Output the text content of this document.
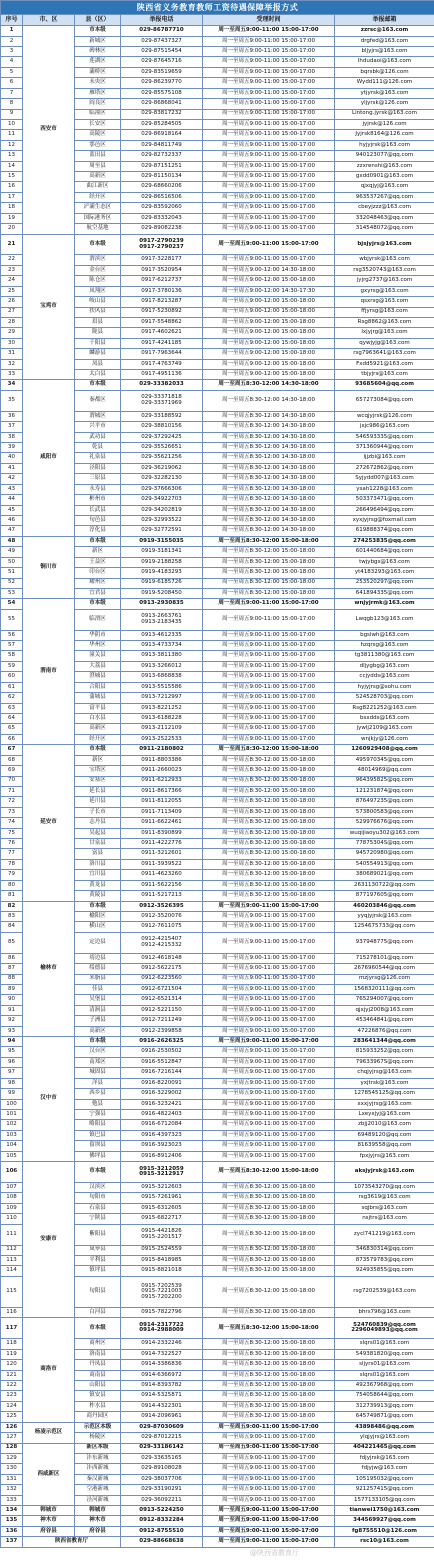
陕西省义务教育教师工资待遇保障举报方式					
序号	市、区	县（区）	举报电话	受理时间	举报邮箱
1	西安市	市本级	029-86787710	周一至周五9:00-11:00 15:00-17:00	zzrsc@163.com
2		新城区	029-87437327	周一至周五9:00-11:00 15:00-17:00	drgfed@163.com
3		碑林区	029-87515454	周一至周五9:00-11:00 15:00-17:00	bljyjrs@163.com
4		莲湖区	029-87645716	周一至周五9:00-11:00 15:00-17:00	lhdudaoi@163.com
5		灞桥区	029-83519659	周一至周五9:00-11:00 15:00-17:00	bqrsbk@126.com
6		未央区	029-86239770	周一至周五9:00-11:00 15:00-17:00	Wydd111@126.com
7		雁塔区	029-85575108	周一至周五9:00-11:00 15:00-17:00	ytjyrsk@163.com
8		阎良区	029-86868041	周一至周五9:00-11:00 15:00-17:00	yljyrsk@126.com
9		临潼区	029-83817232	周一至周五9:00-11:00 15:00-17:00	Lintong.jyrsk@163.com
10		长安区	029-85284505	周一至周五9:00-11:00 15:00-17:00	jyjrsk@126.com
11		高陵区	029-86918164	周一至周五9:00-11:00 15:00-17:00	Jyjrsk8164@126.com
12		鄠邑区	029-84811749	周一至周五9:00-11:00 15:00-17:00	hyjyjrsk@163.com
13		蓝田县	029-82732337	周一至周五9:00-11:00 15:00-17:00	940123077@qq.com
14		周至县	029-87151251	周一至周五9:00-11:00 15:00-17:00	zzxrenshi@163.com
15		高新区	029-81150134	周一至周五9:00-11:00 15:00-17:00	gxdd0901@163.com
16		曲江新区	029-68660206	周一至周五9:00-11:00 15:00-17:00	qjxqjyj@163.com
17		经开区	029-86516506	周一至周五9:00-11:00 15:00-17:00	963537267@qq.com
18		浐灞生态区	029-83592060	周一至周五9:00-11:00 15:00-17:00	cbeyjzzz@163.com
19		国际港务区	029-83332043	周一至周五9:00-11:00 15:00-17:00	332048463@qq.com
20		航空基地	029-89082238	周一至周五9:00-11:00 15:00-17:00	314548072@qq.com
21	宝鸡市	市本级	0917-2790239
0917-2790237	周一至周五9:00-11:00 15:00-17:00	bjsjyjrs@163.com
22		渭滨区	0917-3228177	周一至周五9:00-11:00 15:00-17:00	wbjyrsk@163.com
23		金台区	0917-3520954	周一至周五9:00-12:00 14:30-18:00	rsg3520743@163.com
24		陈仓区	0917-6212737	周一至周五9:00-12:00 15:00-18:00	jyjrg2737@163.com
25		凤翔区	0917-3780136	周一至周五9:00-12:00 14:30-17:30	gxyrsg@163.com
26		岐山县	0917-8213287	周一至周五9:00-12:00 15:00-18:00	qsxrsg@163.com
27		扶风县	0917-5230892	周一至周五9:00-12:00 15:00-18:00	ffjyrsg@163.com
28		眉县	0917-5548862	周一至周五9:00-12:00 15:00-18:00	Rsg8862@163.com
29		陇县	0917-4602621	周一至周五9:00-12:00 15:00-18:00	lxjyjrg@163.com
30		千阳县	0917-4241185	周一至周五9:00-12:00 15:00-18:00	qywjyjg@163.com
31		麟游县	0917-7963644	周一至周五9:00-12:00 15:00-18:00	rsg7963641@163.com
32		凤县	0917-4763749	周一至周五9:00-12:00 15:00-18:00	Fxdd5921@163.com
33		太白县	0917-4951136	周一至周五9:00-12:00 15:00-18:00	tbjyjrs@163.com
34	咸阳市	市本级	029-33382033	周一至周五8:30-12:00 14:30-18:00	93685604@qq.com
35		秦都区	029-33371818
029-33371969	周一至周五8:30-12:00 14:30-18:00	657273084@qq.com
36		渭城区	029-33188592	周一至周五8:30-12:00 14:30-18:00	wcqjyjrsk@126.com
37		兴平市	029-38810156	周一至周五8:30-12:00 14:30-18:00	jxjc986@163.com
38		武功县	029-37292425	周一至周五8:30-12:00 14:30-18:00	546593335@qq.com
39		乾县	029-35526651	周一至周五8:30-12:00 14:30-18:00	371360944@qq.com
40		礼泉县	029-35621256	周一至周五8:30-12:00 14:30-18:00	ljjzbi@163.com
41		泾阳县	029-36219062	周一至周五8:30-12:00 14:30-18:00	272672862@qq.com
42		三原县	029-32282130	周一至周五8:30-12:00 14:30-18:00	Syjydd007@163.com
43		永寿县	029-37666306	周一至周五8:30-12:00 14:30-18:00	ysah1228@163.com
44		彬州市	029-34922703	周一至周五8:30-12:00 14:30-18:00	503373471@qq.com
45		长武县	029-34202819	周一至周五8:30-12:00 14:30-18:00	266496494@qq.com
46		旬邑县	029-32993522	周一至周五8:30-12:00 14:30-18:00	xyxjyjrsg@foxmail.com
47		淳化县	029-32772591	周一至周五8:30-12:00 14:30-18:00	619888374@qq.com
48	铜川市	市本级	0919-3155035	周一至周五8:30-12:00 15:00-18:00	274253835@qq.com
49		新区	0919-3181341	周一至周五8:30-12:00 15:00-18:00	601440684@qq.com
50		王益区	0919-2188258	周一至周五8:30-12:00 15:00-18:00	twjybgs@163.com
51		印台区	0919-4183293	周一至周五8:30-12:00 15:00-18:00	yt4183293@163.com
52		耀州区	0919-6185726	周一至周五8:30-12:00 15:00-18:00	253520297@qq.com
53		宜君县	0919-5208450	周一至周五8:30-12:00 15:00-18:00	641894335@qq.com
54	渭南市	市本级	0913-2930835	周一至周五9:00-11:00 15:00-17:00	wnjyjrmk@163.com
55		临渭区	0913-2663761
0913-2183435	周一至周五9:00-11:00 15:00-17:00	Lwqgb123@163.com
56		华阴市	0913-4612335	周一至周五9:00-11:00 15:00-17:00	bgslwh@163.com
57		华州区	0913-4733734	周一至周五9:00-11:00 15:00-17:00	hzqrsg@163.com
58		潼关县	0913-3811380	周一至周五9:00-11:00 15:00-17:00	tg3811380@163.com
59		大荔县	0913-3266012	周一至周五9:00-11:00 15:00-17:00	dljygbg@163.com
60		澄城县	0913-6868838	周一至周五9:00-11:00 15:00-17:00	ccjydds@163.com
61		合阳县	0913-5515586	周一至周五9:00-11:00 15:00-17:00	hyjyjrsg@sohu.com
62		蒲城县	0913-7212997	周一至周五9:00-11:00 15:00-17:00	524528703@qq.com
63		富平县	0913-8221252	周一至周五9:00-11:00 15:00-17:00	Rsg8221252@163.com
64		白水县	0913-6188228	周一至周五9:00-11:00 15:00-17:00	bsxdds@163.com
65		高新区	0913-2112109	周一至周五9:00-11:00 15:00-17:00	jywlj2109@163.com
66		经开区	0913-2522533	周一至周五9:00-11:00 15:00-17:00	wnjkjy@126.com
67	延安市	市本级	0911-2180802	周一至周五8:30-12:00 15:00-18:00	1260929408@qq.com
68		新区	0911-8803386	周一至周五8:30-12:00 15:00-18:00	495970345@qq.com
69		宝塔区	0911-2660023	周一至周五8:30-12:00 15:00-18:00	48014969@qq.com
70		安塞区	0911-6212933	周一至周五8:30-12:00 15:00-18:00	964395825@qq.com
71		延长县	0911-8617366	周一至周五8:30-12:00 15:00-18:00	121231874@qq.com
72		延川县	0911-8112055	周一至周五8:30-12:00 15:00-18:00	876497235@qq.com
73		子长市	0911-7113409	周一至周五8:30-12:00 15:00-18:00	573800583@qq.com
74		志丹县	0911-6622461	周一至周五8:30-12:00 15:00-18:00	529976676@qq.com
75		吴起县	0911-8390899	周一至周五8:30-12:00 15:00-18:00	wuqijiaoyu302@163.com
76		甘泉县	0911-4222776	周一至周五8:30-12:00 15:00-18:00	77875304S@qq.com
77		富县	0911-3212601	周一至周五8:30-12:00 15:00-18:00	945720980@qq.com
78		洛川县	0911-3939522	周一至周五8:30-12:00 15:00-18:00	540554913@qq.com
79		宜川县	0911-4623260	周一至周五8:30-12:00 15:00-18:00	380689021@qq.com
80		黄龙县	0911-5622156	周一至周五8:30-12:00 15:00-18:00	2631130722@qq.com
81		黄陵县	0911-5217213	周一至周五8:30-12:00 15:00-18:00	877197605@qq.com
82	榆林市	市本级	0912-3526395	周一至周五9:00-11:00 15:00-17:00	460203846@qq.com
83		榆阳区	0912-3520076	周一至周五9:00-11:00 15:00-17:00	yyqjyjrsk@163.com
84		横山区	0912-7611075	周一至周五9:00-11:00 15:00-17:00	1254675733@qq.com
85		定边县	0912-4215407
0912-4215332	周一至周五9:00-11:00 15:00-17:00	937948775@qq.com
86		靖边县	0912-4618148	周一至周五9:00-11:00 15:00-17:00	715278101@qq.com
87		绥德县	0912-5622175	周一至周五9:00-11:00 15:00-17:00	2676960544@qq.com
88		米脂县	0912-6223560	周一至周五9:00-11:00 15:00-17:00	mzjyrsg@126.com
89		佳县	0912-6721504	周一至周五9:00-11:00 15:00-17:00	1568320111@qq.com
90		吴堡县	0912-6521314	周一至周五9:00-11:00 15:00-17:00	765294007@qq.com
91		清涧县	0912-5221150	周一至周五9:00-11:00 15:00-17:00	qjxjyj2008@163.com
92		子洲县	0912-7211249	周一至周五9:00-11:00 15:00-17:00	453464841@qq.com
93		高新区	0912-2399858	周一至周五9:00-11:00 15:00-17:00	47226876@qq.com
94	汉中市	市本级	0916-2626325	周一至周五9:00-11:00 15:00-17:00	283641344@qq.com
95		汉台区	0916-2530502	周一至周五9:00-11:00 15:00-17:00	815933252@qq.com
96		南郑区	0916-5512847	周一至周五9:00-11:00 15:00-17:00	79633967S@qq.com
97		城固县	0916-7216144	周一至周五9:00-11:00 15:00-17:00	chqjyjrsg@163.com
98		洋县	0916-8220091	周一至周五9:00-11:00 15:00-17:00	yxjtrsk@163.com
99		西乡县	0916-3229002	周一至周五9:00-11:00 15:00-17:00	1278545125@qq.com
100		勉县	0916-3232421	周一至周五9:00-11:00 15:00-17:00	xxxjyjrsg@163.com
101		宁强县	0916-4822403	周一至周五9:00-11:00 15:00-17:00	Lxeyxjyj@163.com
102		略阳县	0916-6712084	周一至周五9:00-11:00 15:00-17:00	zbjj2010@163.com
103		镇巴县	0916-4397323	周一至周五9:00-11:00 15:00-17:00	69489120@qq.com
104		留坝县	0916-3923023	周一至周五9:00-11:00 15:00-17:00	81639558@qq.com
105		佛坪县	0916-8912406	周一至周五9:00-11:00 15:00-17:00	fpxjyjrs@163.com
106	安康市	市本级	0915-3212059
0915-3212917	周一至周五8:30-12:00 15:00-18:00	aksjyjrsk@163.com
107		汉滨区	0915-3212603	周一至周五8:30-12:00 15:00-18:00	1073543270@qq.com
108		旬阳市	0915-7261961	周一至周五8:30-12:00 15:00-18:00	rsg3619@163.com
109		石泉县	0915-6312605	周一至周五8:30-12:00 15:00-18:00	sqjbrs@163.com
110		宁陕县	0915-6822717	周一至周五8:30-12:00 15:00-18:00	nsjtrs@163.com
111		紫阳县	0915-4421826
0915-2201517	周一至周五8:30-12:00 15:00-18:00	zycl741219@163.com
112		岚皋县	0915-2524559	周一至周五8:30-12:00 15:00-18:00	346830314@qq.com
113		平利县	0915-8418985	周一至周五8:30-12:00 15:00-18:00	873579783@qq.com
114		镇坪县	0915-8821018	周一至周五8:30-12:00 15:00-18:00	924935855@qq.com
115		旬阳县	0915-7202539
0915-7221003
0915-7202200	周一至周五8:30-12:00 15:00-18:00	rsg7202539@163.com
116		白河县	0915-7822796	周一至周五8:30-12:00 15:00-18:00	bhrs796@163.com
117	商洛市	市本级	0914-2317722
0914-2988009	周一至周五8:30-12:00 15:00-18:00	524760839@qq.com
2296049893@qq.com
118		商州区	0914-2332246	周一至周五8:30-12:00 15:00-18:00	slqrs01@163.com
119		洛南县	0914-7322527	周一至周五8:30-12:00 15:00-18:00	549381820@qq.com
120		丹凤县	0914-3386836	周一至周五8:30-12:00 15:00-18:00	sljyrs01@163.com
121		商南县	0914-6366972	周一至周五8:30-12:00 15:00-18:00	slqrs01@163.com
122		山阳县	0914-8393782	周一至周五8:30-12:00 15:00-18:00	492367968@qq.com
123		镇安县	0914-5325871	周一至周五8:30-12:00 15:00-18:00	754058644@qq.com
124		柞水县	0914-4322301	周一至周五8:30-12:00 15:00-18:00	312739913@qq.com
125		商丹园区	0914-2096961	周一至周五8:30-12:00 15:00-18:00	645749871@qq.com
126	杨凌示范区	示范区本级	029-87030609	周一至周五9:00-11:00 15:00-17:00	43898486@qq.com
127		杨陵区	029-87012215	周一至周五9:00-11:00 15:00-17:00	ylqjyjrs@163.com
128	西咸新区	新区本级	029-33186142	周一至周五9:00-11:00 15:00-17:00	404221465@qq.com
129		沣东新城	029-33635165	周一至周五9:00-11:00 15:00-17:00	fdjyjrsk@163.com
130		沣西新城	029-89108028	周一至周五9:00-11:00 15:00-17:00	fdjyjw@163.com
131		秦汉新城	029-38037706	周一至周五9:00-11:00 15:00-17:00	105195032@qq.com
132		空港新城	029-33190291	周一至周五9:00-11:00 15:00-17:00	921257415@qq.com
133		泾河新城	029-36092211	周一至周五9:00-11:00 15:00-17:00	1577133105@qq.com
134	韩城市	韩城市	0913-5224250	周一至周五9:00-11:00 15:00-17:00	tianwei1750@163.com
135	神木市	神木市	0912-8332284	周一至周五9:00-11:00 15:00-17:00	344569927@qq.com
136	府谷县	府谷县	0912-8755510	周一至周五9:00-11:00 15:00-17:00	fg8755510@126.com
137	陕西省教育厅		029-88668638	周一至周五9:00-11:00 15:00-17:00	rsc10@163.com
@陕西省教育厅
